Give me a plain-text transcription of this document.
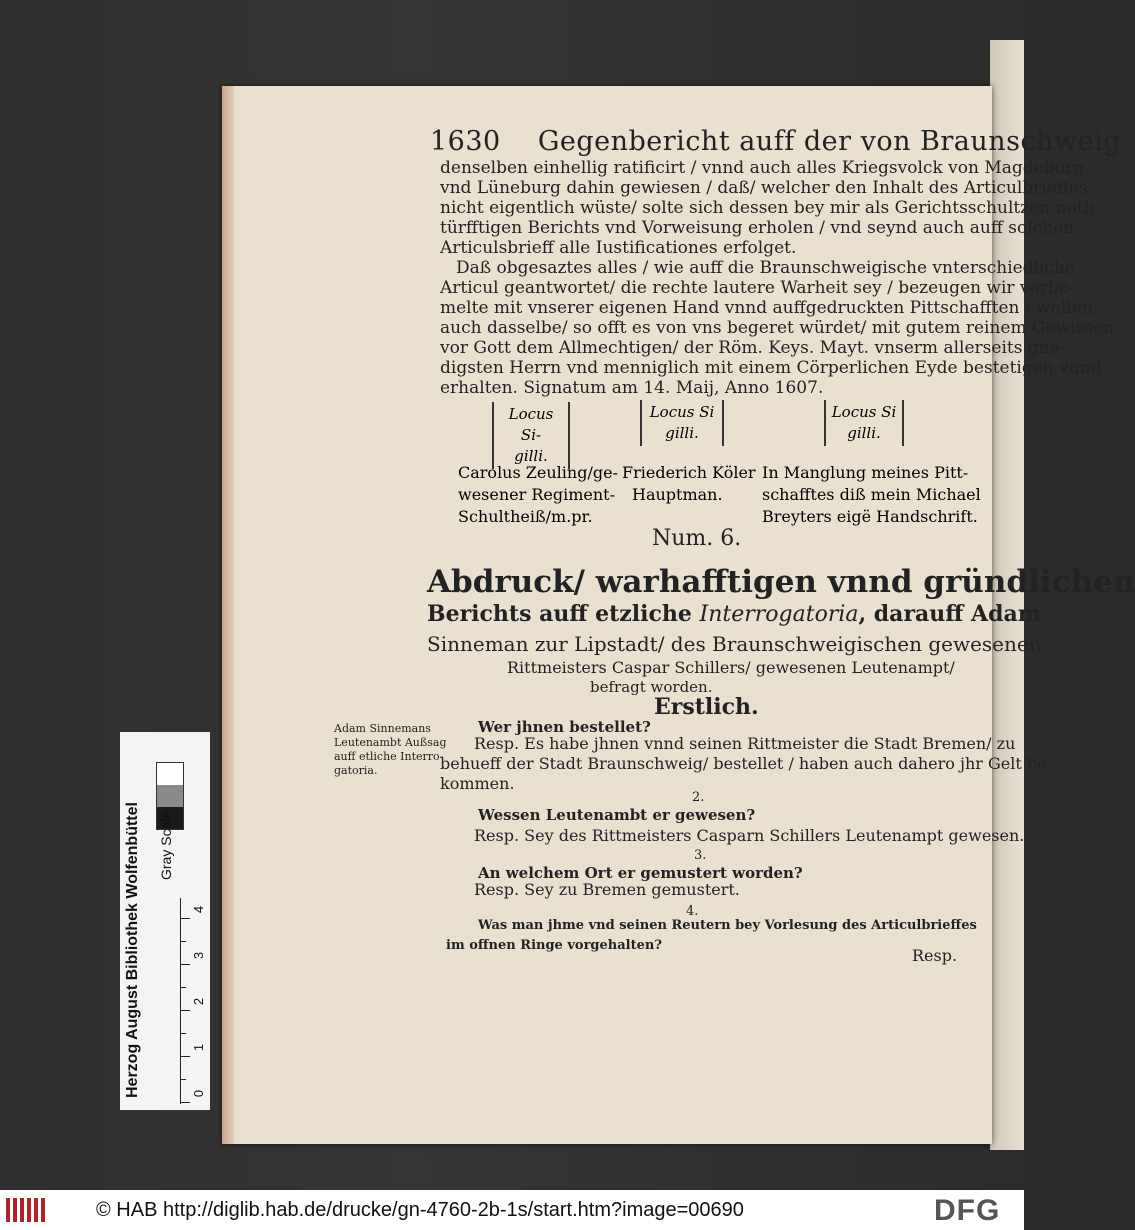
1630 Gegenbericht auff der von Braunschweig
denselben einhellig ratificirt / vnnd auch alles Kriegsvolck von Magdeburg
vnd Lüneburg dahin gewiesen / daß/ welcher den Inhalt des Articulbrieffes
nicht eigentlich wüste/ solte sich dessen bey mir als Gerichtsschultzen noth-
türfftigen Berichts vnd Vorweisung erholen / vnd seynd auch auff solchen
Articulsbrieff alle Iustificationes erfolget.
Daß obgesaztes alles / wie auff die Braunschweigische vnterschiedliche
Articul geantwortet/ die rechte lautere Warheit sey / bezeugen wir vorbe-
melte mit vnserer eigenen Hand vnnd auffgedruckten Pittschafften / wollen
auch dasselbe/ so offt es von vns begeret würdet/ mit gutem reinem Gewissen
vor Gott dem Allmechtigen/ der Röm. Keys. Mayt. vnserm allerseits gne-
digsten Herrn vnd menniglich mit einem Cörperlichen Eyde bestetigen vnnd
erhalten. Signatum am 14. Maij, Anno 1607.
Locus Si-
gilli.
Locus Si
gilli.
Locus Si
gilli.
Carolus Zeuling/ge-
wesener Regiment-
Schultheiß/m.pr.
Friederich Köler
Hauptman.
In Manglung meines Pitt-
schafftes diß mein Michael
Breyters eigë Handschrift.
Num. 6.
Abdruck/ warhafftigen vnnd gründlichen
Berichts auff etzliche Interrogatoria, darauff Adam
Sinneman zur Lipstadt/ des Braunschweigischen gewesenen
Rittmeisters Caspar Schillers/ gewesenen Leutenampt/
befragt worden.
Erstlich.
Adam Sinnemans
Leutenambt Außsag
auff etliche Interro-
gatoria.
Wer jhnen bestellet?
Resp. Es habe jhnen vnnd seinen Rittmeister die Stadt Bremen/ zu
behueff der Stadt Braunschweig/ bestellet / haben auch dahero jhr Gelt be-
kommen.
2.
Wessen Leutenambt er gewesen?
Resp. Sey des Rittmeisters Casparn Schillers Leutenampt gewesen.
3.
An welchem Ort er gemustert worden?
Resp. Sey zu Bremen gemustert.
4.
Was man jhme vnd seinen Reutern bey Vorlesung des Articulbrieffes
im offnen Ringe vorgehalten?
Resp.
Herzog August Bibliothek Wolfenbüttel Gray Scale
0
1
2
3
4
© HAB http://diglib.hab.de/drucke/gn-4760-2b-1s/start.htm?image=00690	DFG
